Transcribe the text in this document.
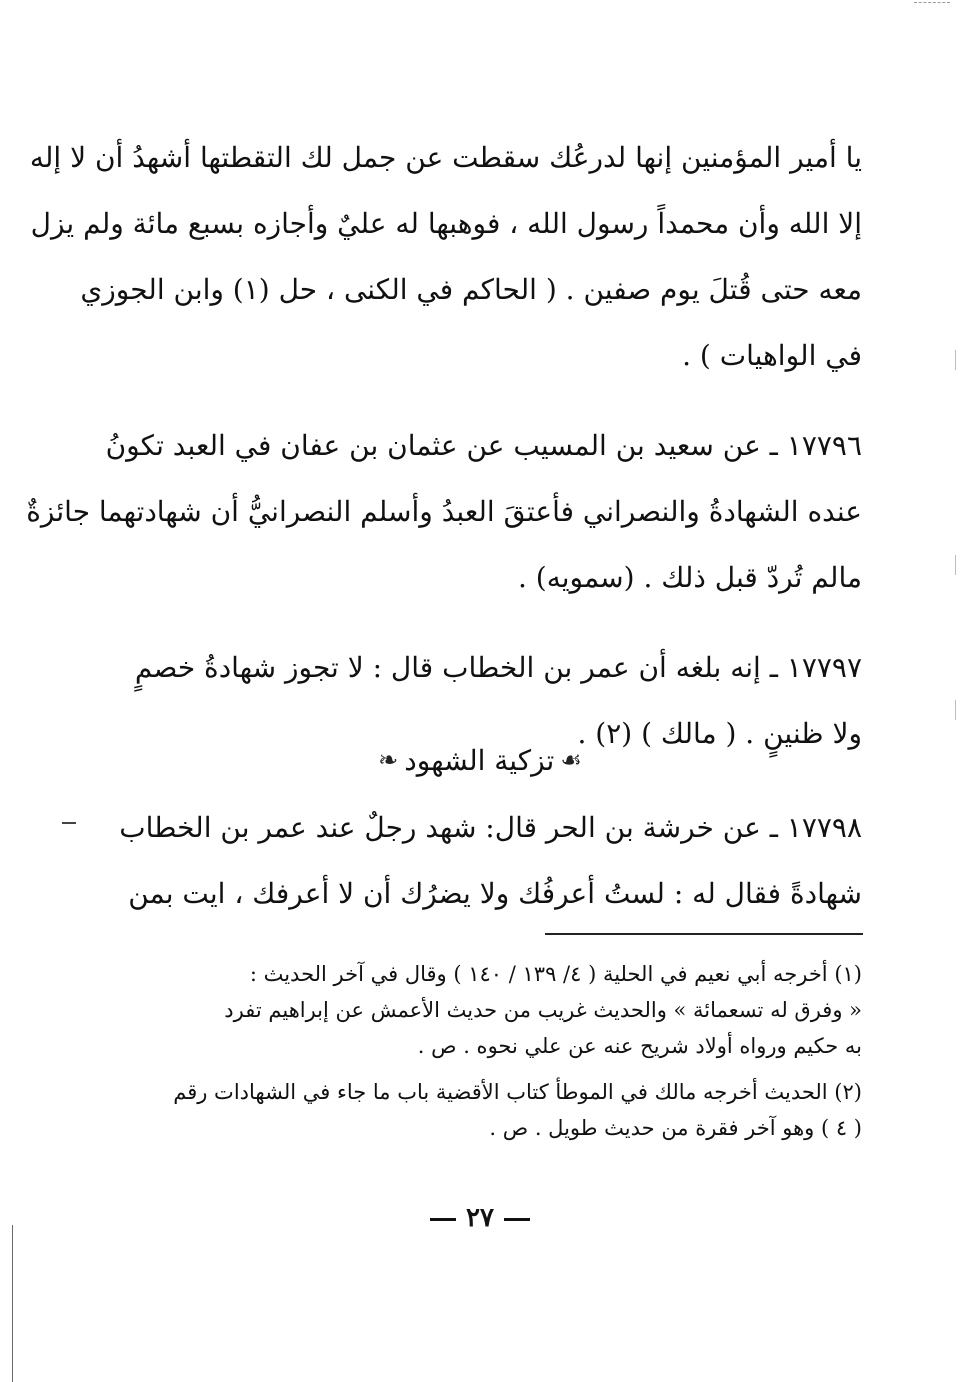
يا أمير المؤمنين إنها لدرعُك سقطت عن جمل لك التقطتها أشهدُ أن لا إله
إلا الله وأن محمداً رسول الله ، فوهبها له عليٌ وأجازه بسبع مائة ولم يزل
معه حتى قُتلَ يوم صفين . ( الحاكم في الكنى ، حل (١) وابن الجوزي
في الواهيات ) .
١٧٧٩٦ ـ عن سعيد بن المسيب عن عثمان بن عفان في العبد تكونُ
عنده الشهادةُ والنصراني فأعتقَ العبدُ وأسلم النصرانيُّ أن شهادتهما جائزةٌ
مالم تُردّ قبل ذلك . (سمويه) .
١٧٧٩٧ ـ إنه بلغه أن عمر بن الخطاب قال : لا تجوز شهادةُ خصمٍ
ولا ظنينٍ . ( مالك ) (٢) .
☙
تزكية الشهود
❧
١٧٧٩٨ ـ عن خرشة بن الحر قال: شهد رجلٌ عند عمر بن الخطاب
شهادةً فقال له : لستُ أعرفُك ولا يضرُك أن لا أعرفك ، ايت بمن
(١) أخرجه أبي نعيم في الحلية ( ٤/ ١٣٩ / ١٤٠ ) وقال في آخر الحديث :
« وفرق له تسعمائة » والحديث غريب من حديث الأعمش عن إبراهيم تفرد
به حكيم ورواه أولاد شريح عنه عن علي نحوه . ص .
(٢) الحديث أخرجه مالك في الموطأ كتاب الأقضية باب ما جاء في الشهادات رقم
( ٤ ) وهو آخر فقرة من حديث طويل . ص .
٢٧
